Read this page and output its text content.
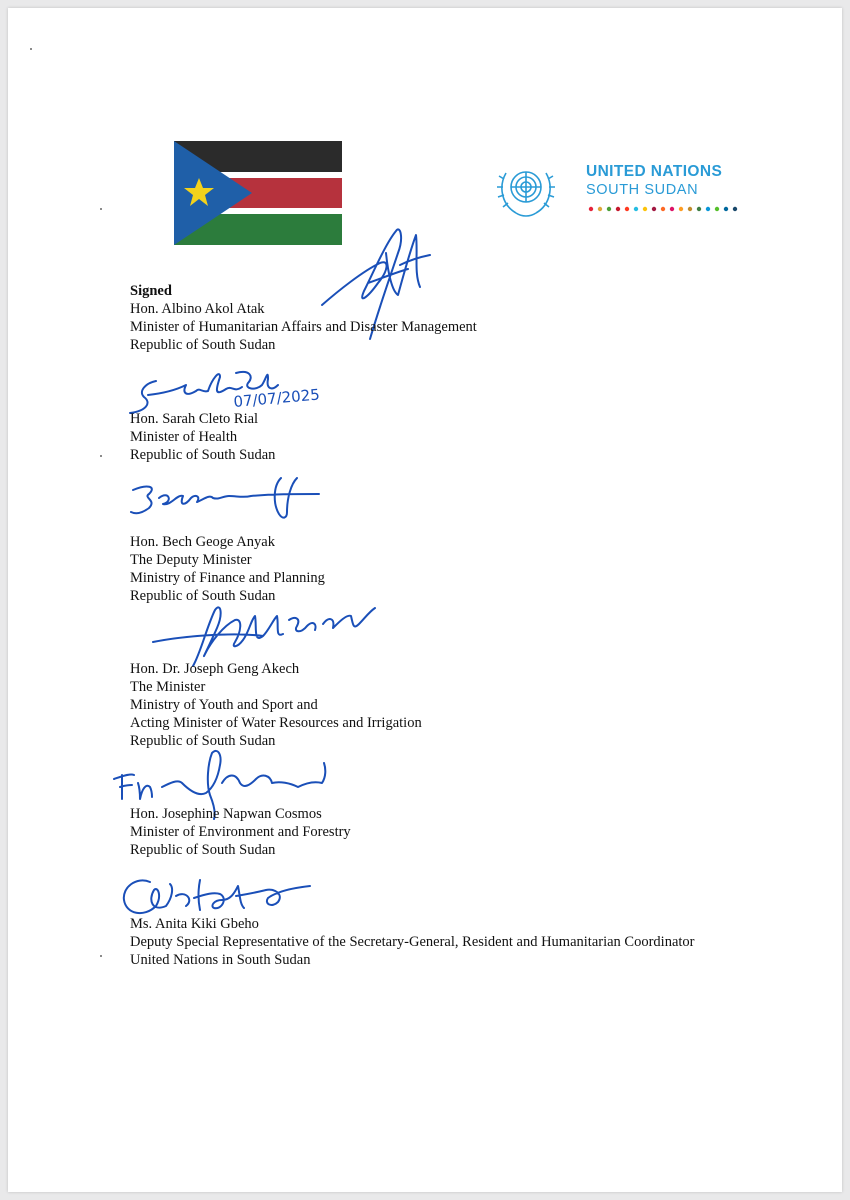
UNITED NATIONS
SOUTH SUDAN
07/07/2025

Signed

Hon. Albino Akol Atak

Minister of Humanitarian Affairs and Disaster Management

Republic of South Sudan

Hon. Sarah Cleto Rial

Minister of Health

Republic of South Sudan

Hon. Bech Geoge Anyak

The Deputy Minister

Ministry of Finance and Planning

Republic of South Sudan

Hon. Dr. Joseph Geng Akech

The Minister

Ministry of Youth and Sport and

Acting Minister of Water Resources and Irrigation

Republic of South Sudan

Hon. Josephine Napwan Cosmos

Minister of Environment and Forestry

Republic of South Sudan

Ms. Anita Kiki Gbeho

Deputy Special Representative of the Secretary-General, Resident and Humanitarian Coordinator

United Nations in South Sudan
